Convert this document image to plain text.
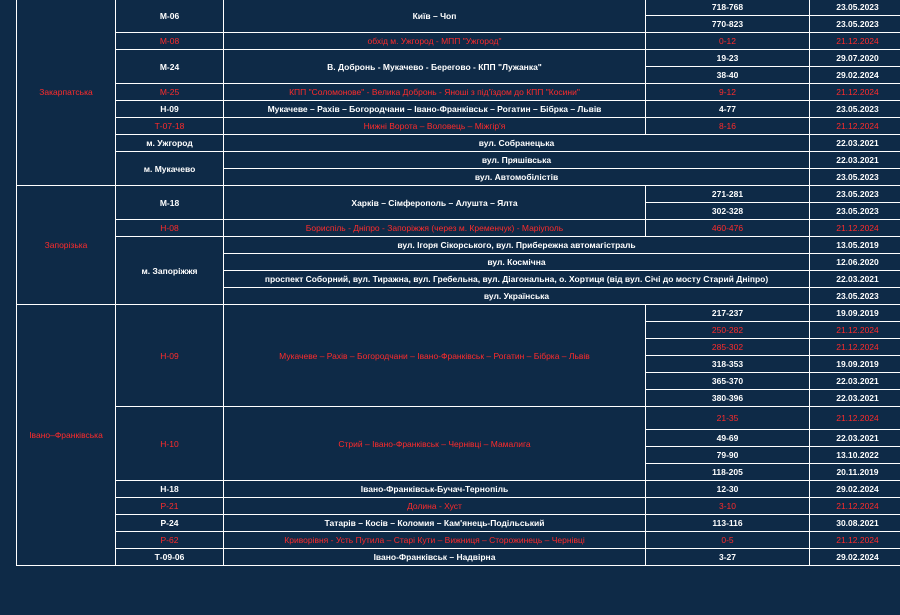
Закарпатська	М-06	Київ – Чоп	718-768	23.05.2023
			770-823	23.05.2023
	М-08	обхід м. Ужгород - МПП "Ужгород"	0-12	21.12.2024
	М-24	В. Добронь - Мукачево - Берегово - КПП "Лужанка"	19-23	29.07.2020
			38-40	29.02.2024
	М-25	КПП "Соломонове" - Велика Добронь - Яноші з під'їздом до КПП "Косини"	9-12	21.12.2024
	Н-09	Мукачеве – Рахів – Богородчани – Івано-Франківськ – Рогатин – Бібрка – Львів	4-77	23.05.2023
	Т-07-18	Нижні Ворота – Воловець – Міжгір'я	8-16	21.12.2024
	м. Ужгород	вул. Собранецька		22.03.2021
	м. Мукачево	вул. Пряшівська		22.03.2021
		вул. Автомобілістів		23.05.2023
Запорізька	М-18	Харків – Сімферополь – Алушта – Ялта	271-281	23.05.2023
			302-328	23.05.2023
	Н-08	Бориспіль - Дніпро - Запоріжжя (через м. Кременчук) - Маріуполь	460-476	21.12.2024
	м. Запоріжжя	вул. Ігоря Сікорського, вул. Прибережна автомагістраль		13.05.2019
		вул. Космічна		12.06.2020
		проспект Соборний, вул. Тиражна, вул. Гребельна, вул. Діагональна, о. Хортиця (від вул. Січі до мосту Старий Дніпро)		22.03.2021
		вул. Українська		23.05.2023
Івано–Франківська	Н-09	Мукачеве – Рахів – Богородчани – Івано-Франківськ – Рогатин – Бібрка – Львів	217-237	19.09.2019
			250-282	21.12.2024
			285-302	21.12.2024
			318-353	19.09.2019
			365-370	22.03.2021
			380-396	22.03.2021
	Н-10	Стрий – Івано-Франківськ – Чернівці – Мамалига	21-35	21.12.2024
			49-69	22.03.2021
			79-90	13.10.2022
			118-205	20.11.2019
	Н-18	Івано-Франківськ-Бучач-Тернопіль	12-30	29.02.2024
	Р-21	Долина - Хуст	3-10	21.12.2024
	Р-24	Татарів – Косів – Коломия – Кам'янець-Подільський	113-116	30.08.2021
	Р-62	Криворівня - Усть Путила – Старі Кути – Вижниця – Сторожинець – Чернівці	0-5	21.12.2024
	Т-09-06	Івано-Франківськ – Надвірна	3-27	29.02.2024
